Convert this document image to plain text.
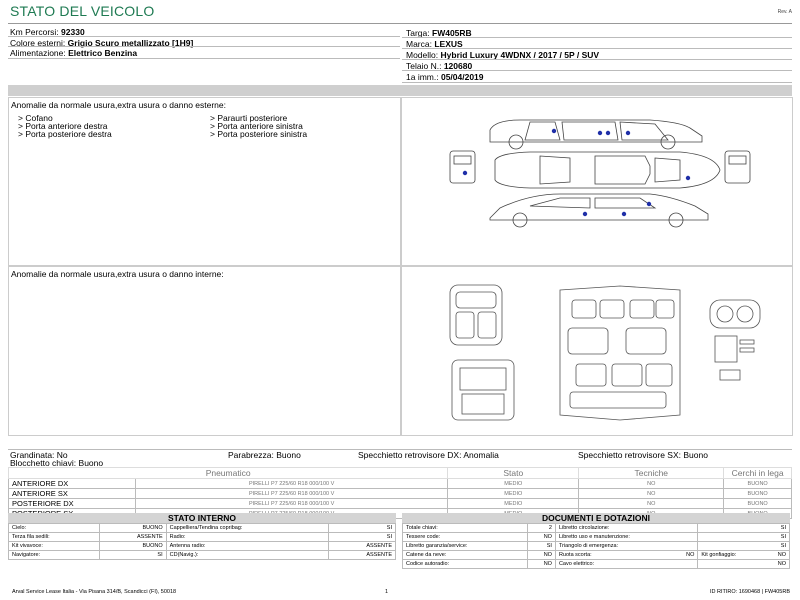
STATO DEL VEICOLO	Rev. A
Km Percorsi: 92330
Colore esterni: Grigio Scuro metallizzato [1H9]
Alimentazione: Elettrico Benzina
Targa: FW405RB
Marca: LEXUS
Modello: Hybrid Luxury 4WDNX / 2017 / 5P / SUV
Telaio N.: 120680
1a imm.: 05/04/2019
Anomalie da normale usura,extra usura o danno esterne:
> Cofano
> Porta anteriore destra
> Porta posteriore destra
> Paraurti posteriore
> Porta anteriore sinistra
> Porta posteriore sinistra
Anomalie da normale usura,extra usura o danno interne:
Grandinata: No	Parabrezza: Buono	Specchietto retrovisore DX: Anomalia	Specchietto retrovisore SX: Buono
Blocchetto chiavi: Buono
Pneumatico		Stato	Tecniche	Cerchi in lega
ANTERIORE DX	PIRELLI P7 225/60 R18 000/100 V	MEDIO	NO	BUONO
ANTERIORE SX	PIRELLI P7 225/60 R18 000/100 V	MEDIO	NO	BUONO
POSTERIORE DX	PIRELLI P7 225/60 R18 000/100 V	MEDIO	NO	BUONO

STATO INTERNO
Cielo:	BUONO	Cappelliera/Tendina copribag:	SI
Terza fila sedili:	ASSENTE	Radio:	SI
Kit vivavoce:	BUONO	Antenna radio:	ASSENTE
Navigatore:	SI	CD(Navig.):	ASSENTE
DOCUMENTI E DOTAZIONI
Totale chiavi:	2	Libretto circolazione:	SI
Tessere code:	NO	Libretto uso e manutenzione:	SI
Libretto garanzia/service:	SI	Triangolo di emergenza:	SI
Catene da neve:	NO	Ruota scorta: NO	Kit gonfiaggio: NO

Codice autoradio:	NO	Cavo elettrico:	NO
Arval Service Lease Italia - Via Pisana 314/B, Scandicci (FI), 50018	1	ID RITIRO: 1690468 | FW405RB
